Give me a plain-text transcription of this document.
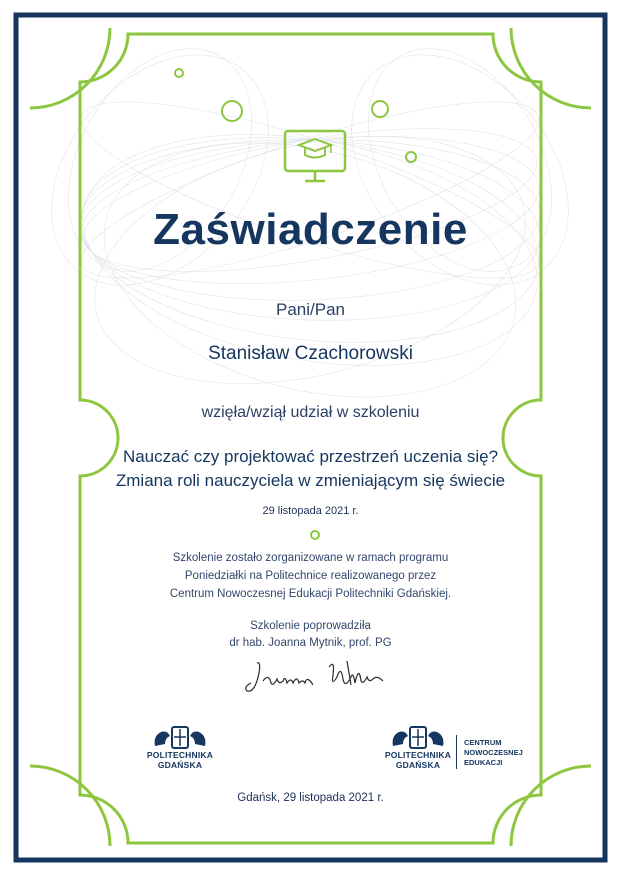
Zaświadczenie
Pani/Pan
Stanisław Czachorowski
wzięła/wziął udział w szkoleniu
Nauczać czy projektować przestrzeń uczenia się?
Zmiana roli nauczyciela w zmieniającym się świecie
29 listopada 2021 r.
Szkolenie zostało zorganizowane w ramach programu
Poniedziałki na Politechnice realizowanego przez
Centrum Nowoczesnej Edukacji Politechniki Gdańskiej.
Szkolenie poprowadziła
dr hab. Joanna Mytnik, prof. PG
POLITECHNIKA
GDAŃSKA
POLITECHNIKA
GDAŃSKA
CENTRUM
NOWOCZESNEJ
EDUKACJI
Gdańsk, 29 listopada 2021 r.
